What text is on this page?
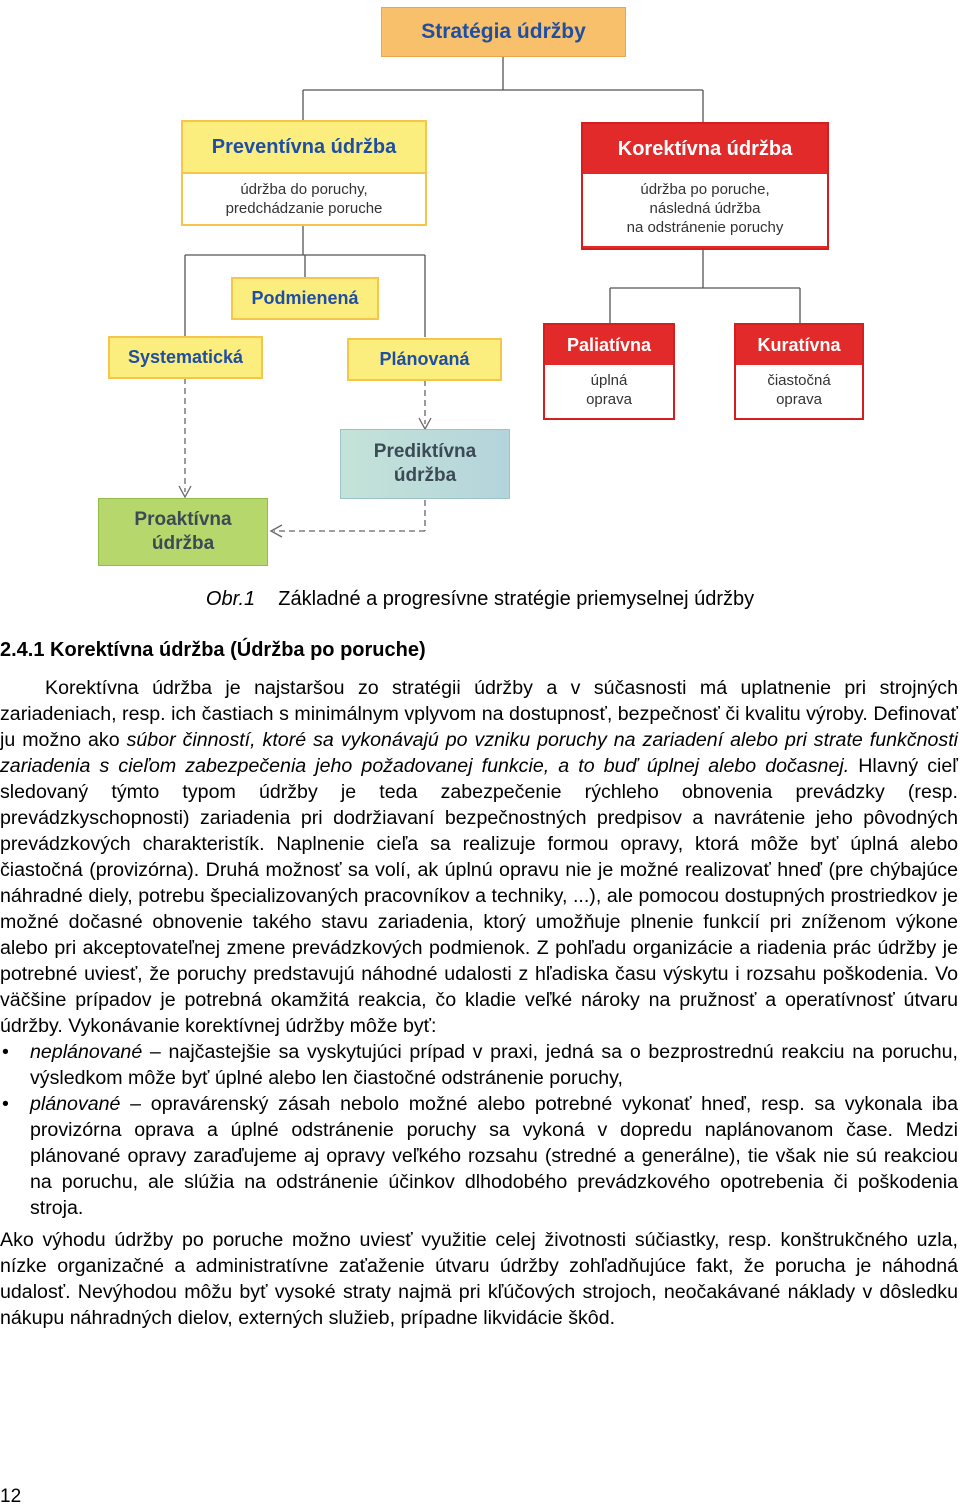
Stratégia údržby
Preventívna údržba
údržba do poruchy,
predchádzanie poruche
Korektívna údržba
údržba po poruche,
následná údržba
na odstránenie poruchy
Podmienená
Systematická	Plánovaná
Paliatívna
úplná
oprava
Kuratívna
čiastočná
oprava
Prediktívna
údržba
Proaktívna
údržba
Obr.1 Základné a progresívne stratégie priemyselnej údržby
2.4.1 Korektívna údržba (Údržba po poruche)

Korektívna údržba je najstaršou zo stratégii údržby a v súčasnosti má uplatnenie pri strojných zariadeniach, resp. ich častiach s minimálnym vplyvom na dostupnosť, bezpečnosť či kvalitu výroby. Definovať ju možno ako súbor činností, ktoré sa vykonávajú po vzniku poruchy na zariadení alebo pri strate funkčnosti zariadenia s cieľom zabezpečenia jeho požadovanej funkcie, a to buď úplnej alebo dočasnej. Hlavný cieľ sledovaný týmto typom údržby je teda zabezpečenie rýchleho obnovenia prevádzky (resp. prevádzkyschopnosti) zariadenia pri dodržiavaní bezpečnostných predpisov a navrátenie jeho pôvodných prevádzkových charakteristík. Naplnenie cieľa sa realizuje formou opravy, ktorá môže byť úplná alebo čiastočná (provizórna). Druhá možnosť sa volí, ak úplnú opravu nie je možné realizovať hneď (pre chýbajúce náhradné diely, potrebu špecializovaných pracovníkov a techniky, ...), ale pomocou dostupných prostriedkov je možné dočasné obnovenie takého stavu zariadenia, ktorý umožňuje plnenie funkcií pri zníženom výkone alebo pri akceptovateľnej zmene prevádzkových podmienok. Z pohľadu organizácie a riadenia prác údržby je potrebné uviesť, že poruchy predstavujú náhodné udalosti z hľadiska času výskytu i rozsahu poškodenia. Vo väčšine prípadov je potrebná okamžitá reakcia, čo kladie veľké nároky na pružnosť a operatívnosť útvaru údržby. Vykonávanie korektívnej údržby môže byť:

• neplánované – najčastejšie sa vyskytujúci prípad v praxi, jedná sa o bezprostrednú reakciu na poruchu, výsledkom môže byť úplné alebo len čiastočné odstránenie poruchy,
• plánované – opravárenský zásah nebolo možné alebo potrebné vykonať hneď, resp. sa vykonala iba provizórna oprava a úplné odstránenie poruchy sa vykoná v dopredu naplánovanom čase. Medzi plánované opravy zaraďujeme aj opravy veľkého rozsahu (stredné a generálne), tie však nie sú reakciou na poruchu, ale slúžia na odstránenie účinkov dlhodobého prevádzkového opotrebenia či poškodenia stroja.

Ako výhodu údržby po poruche možno uviesť využitie celej životnosti súčiastky, resp. konštrukčného uzla, nízke organizačné a administratívne zaťaženie útvaru údržby zohľadňujúce fakt, že porucha je náhodná udalosť. Nevýhodou môžu byť vysoké straty najmä pri kľúčových strojoch, neočakávané náklady v dôsledku nákupu náhradných dielov, externých služieb, prípadne likvidácie škôd.

12
